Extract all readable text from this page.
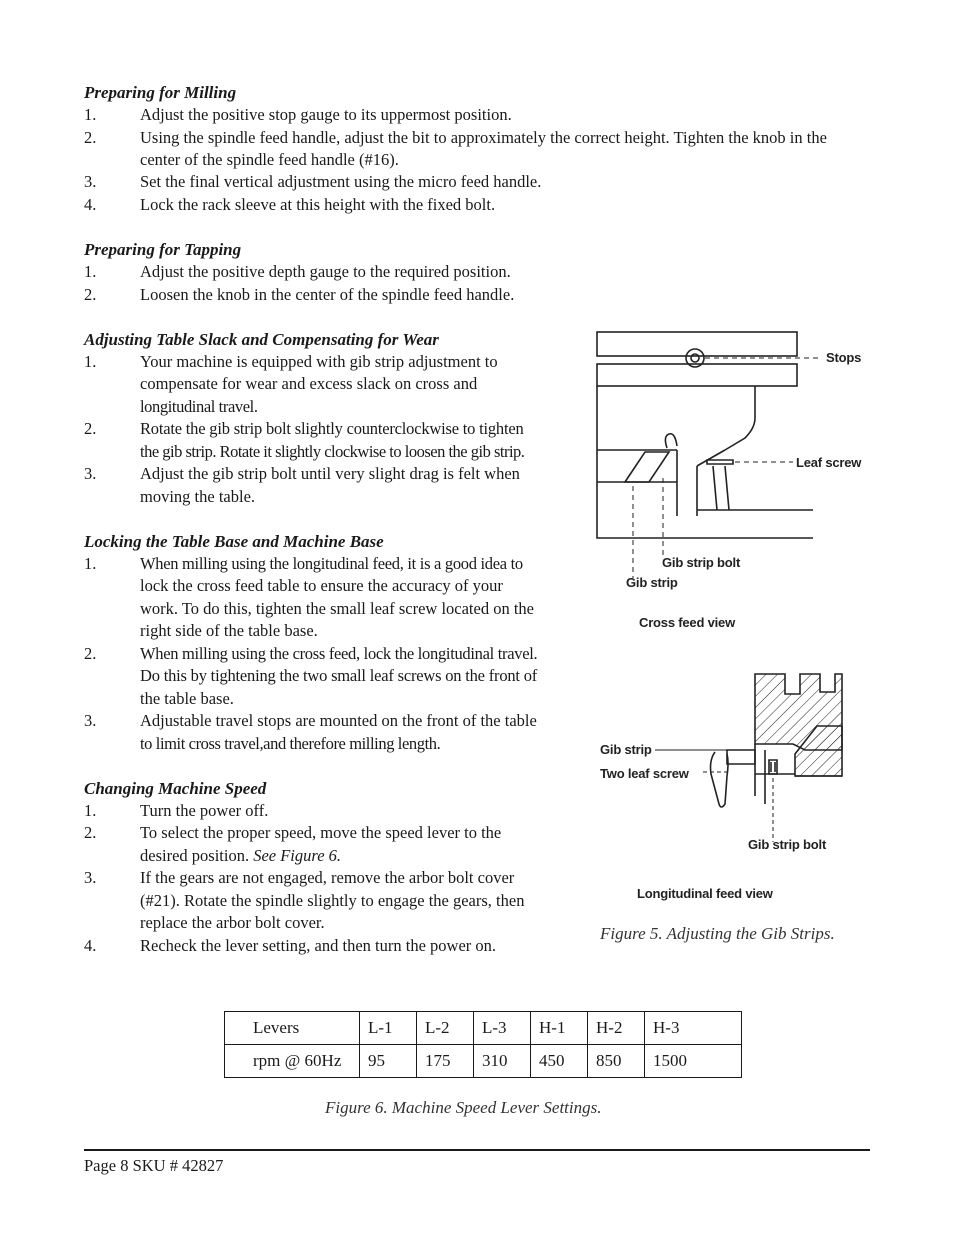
Preparing for Milling
1.	Adjust the positive stop gauge to its uppermost position.
2.	Using the spindle feed handle, adjust the bit to approximately the correct height. Tighten the knob in the
center of the spindle feed handle (#16).
3.	Set the final vertical adjustment using the micro feed handle.
4.	Lock the rack sleeve at this height with the fixed bolt.
Preparing for Tapping
1.	Adjust the positive depth gauge to the required position.
2.	Loosen the knob in the center of the spindle feed handle.
Adjusting Table Slack and Compensating for Wear
1.	Your machine is equipped with gib strip adjustment to
compensate for wear and excess slack on cross and
longitudinal travel.
2.	Rotate the gib strip bolt slightly counterclockwise to tighten
the gib strip. Rotate it slightly clockwise to loosen the gib strip.
3.	Adjust the gib strip bolt until very slight drag is felt when
moving the table.
Locking the Table Base and Machine Base
1.	When milling using the longitudinal feed, it is a good idea to
lock the cross feed table to ensure the accuracy of your
work. To do this, tighten the small leaf screw located on the
right side of the table base.
2.	When milling using the cross feed, lock the longitudinal travel.
Do this by tightening the two small leaf screws on the front of
the table base.
3.	Adjustable travel stops are mounted on the front of the table
to limit cross travel,and therefore milling length.
Changing Machine Speed
1.	Turn the power off.
2.	To select the proper speed, move the speed lever to the
desired position. See Figure 6.
3.	If the gears are not engaged, remove the arbor bolt cover
(#21). Rotate the spindle slightly to engage the gears, then
replace the arbor bolt cover.
4.	Recheck the lever setting, and then turn the power on.
Stops
Leaf screw
Gib strip bolt
Gib strip
Cross feed view
Gib strip
Two leaf screw
Gib strip bolt
Longitudinal feed view
Figure 5. Adjusting the Gib Strips.
Levers	L-1	L-2	L-3	H-1	H-2	H-3
rpm @ 60Hz	95	175	310	450	850	1500
Figure 6. Machine Speed Lever Settings.
Page 8 SKU # 42827
